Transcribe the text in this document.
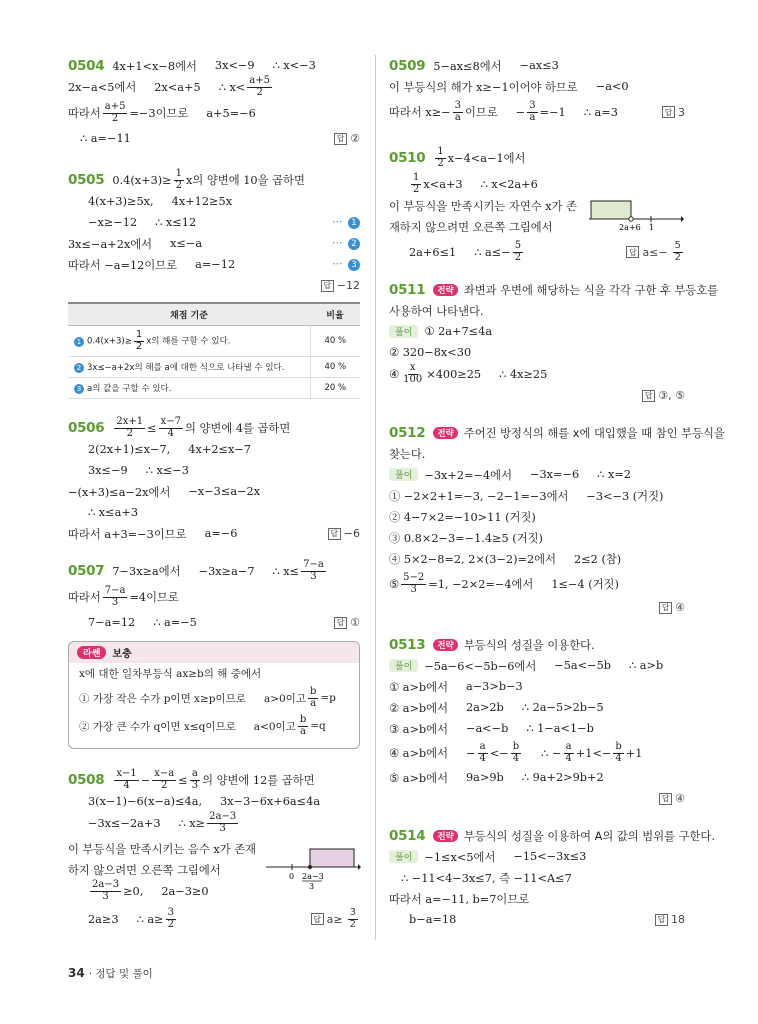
0504 4x+1<x−8에서 3x<−9 ∴ x<−3
2x−a<5에서 2x<a+5 ∴ $x< \frac{a+5}{2}$
따라서 $\frac{a+5}{2} =-3$이므로 a+5=−6
∴ a=−11	답 ②
0505 $0.4(x+3)\ge \frac{1}{2}$ x의 양변에 10을 곱하면
4(x+3)≥5x, 4x+12≥5x
−x≥−12 ∴ x≤12	⋯ 1
3x≤−a+2x에서 x≤−a	⋯ 2
따라서 −a=12이므로 a=−12	⋯ 3
답 −12
채점 기준	비율
1 $0.4(x+3)\ge \frac{1}{2}$ x의 해를 구할 수 있다.	40 %
2 3x≤−a+2x의 해를 a에 대한 식으로 나타낼 수 있다.	40 %
3 a의 값을 구할 수 있다.	20 %
$0506 \frac{2x+1}{2} \le \frac{x-7}{4}$ 의 양변에 4를 곱하면
2(2x+1)≤x−7, 4x+2≤x−7
3x≤−9 ∴ x≤−3
−(x+3)≤a−2x에서 −x−3≤a−2x
∴ x≤a+3
따라서 a+3=−3이므로 a=−6	답 −6
0507 7−3x≥a에서 −3x≥a−7 ∴ $x\le \frac{7-a}{3}$
따라서 $\frac{7-a}{3} =4$이므로
7−a=12 ∴ a=−5	답 ①
라쎈	보충
x에 대한 일차부등식 ax≥b의 해 중에서
① 가장 작은 수가 p이면 x≥p이므로 a>0이고 $\frac{b}{a} =p$
② 가장 큰 수가 q이면 x≤q이므로 a<0이고 $\frac{b}{a} =q$
$0508 \frac{x-1}{4} - \frac{x-a}{2} \le \frac{a}{3}$ 의 양변에 12를 곱하면
3(x−1)−6(x−a)≤4a, 3x−3−6x+6a≤4a
−3x≤−2a+3 ∴ $x\ge \frac{2a-3}{3}$
이 부등식을 만족시키는 음수 x가 존재
하지 않으려면 오른쪽 그림에서
$\frac{2a-3}{3} \ge 0$, 2a−3≥0
2a≥3 ∴ $a\ge \frac{3}{2}$	답 $a\ge \frac{3}{2}$
0 2a−3
3
0509 5−ax≤8에서 −ax≤3
이 부등식의 해가 x≥−1이어야 하므로 −a<0
따라서 $x\ge- \frac{3}{a}$ 이므로 − $\frac{3}{a} =-1$ ∴ a=3	답 3
$0510 \frac{1}{2} x-4<a-1$에서
$\frac{1}{2} x<a+3$ ∴ x<2a+6
이 부등식을 만족시키는 자연수 x가 존
재하지 않으려면 오른쪽 그림에서
2a+6≤1 ∴ $a\le- \frac{5}{2}$	답 $a\le- \frac{5}{2}$
2a+6 1
0511	전략 좌변과 우변에 해당하는 식을 각각 구한 후 부등호를
사용하여 나타낸다.
풀이	① 2a+7≤4a
② 320−8x<30
④ $\frac{x}{100} \times 400\ge 25$ ∴ 4x≥25
답 ③, ⑤
0512	전략 주어진 방정식의 해를 x에 대입했을 때 참인 부등식을
찾는다.
풀이	−3x+2=−4에서 −3x=−6 ∴ x=2
① −2×2+1=−3, −2−1=−3에서 −3<−3 (거짓)
② 4−7×2=−10>11 (거짓)
③ 0.8×2−3=−1.4≥5 (거짓)
④ 5×2−8=2, 2×(3−2)=2에서 2≤2 (참)
⑤ $\frac{5-2}{3} =1$, −2×2=−4에서 1≤−4 (거짓)
답 ④
0513	전략 부등식의 성질을 이용한다.
풀이	−5a−6<−5b−6에서 −5a<−5b ∴ a>b
① a>b에서 a−3>b−3
② a>b에서 2a>2b ∴ 2a−5>2b−5
③ a>b에서 −a<−b ∴ 1−a<1−b
④ a>b에서 − $\frac{a}{4} <- \frac{b}{4}$ ∴ − $\frac{a}{4} +1<- \frac{b}{4} +1$
⑤ a>b에서 9a>9b ∴ 9a+2>9b+2
답 ④
0514	전략 부등식의 성질을 이용하여 A의 값의 범위를 구한다.
풀이	−1≤x<5에서 −15<−3x≤3
∴ −11<4−3x≤7, 즉 −11<A≤7
따라서 a=−11, b=7이므로
b−a=18	답 18
34 · 정답 및 풀이
